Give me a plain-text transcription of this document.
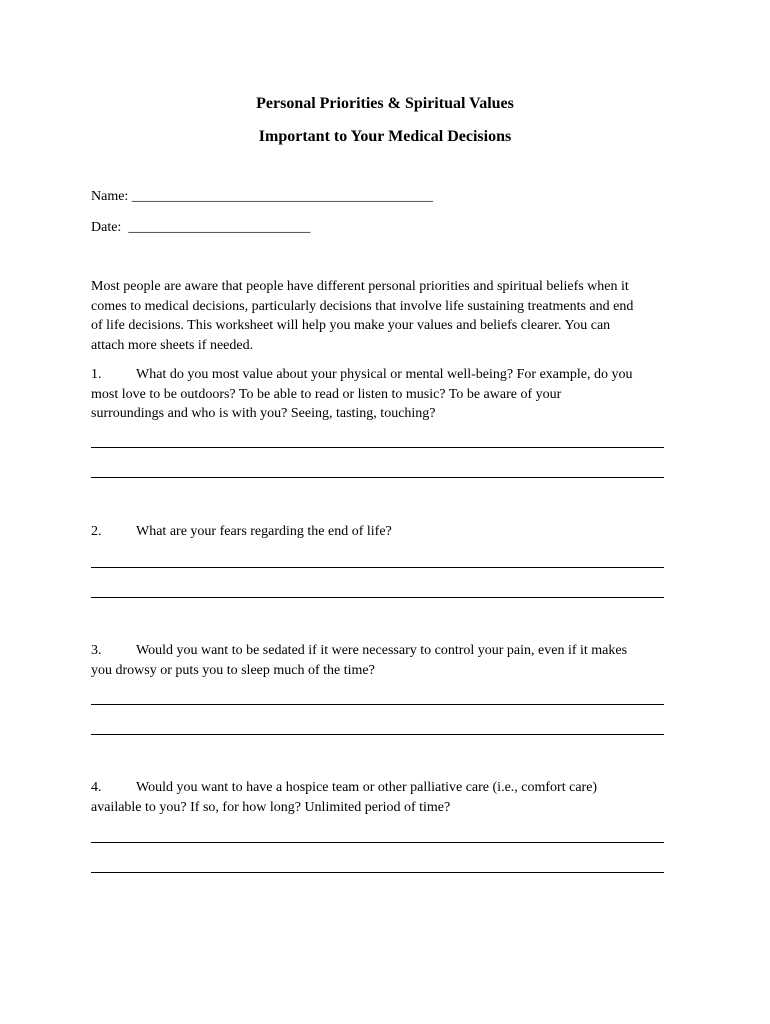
Personal Priorities & Spiritual Values
Important to Your Medical Decisions
Name: ___________________________________________
Date:  __________________________
Most people are aware that people have different personal priorities and spiritual beliefs when it
comes to medical decisions, particularly decisions that involve life sustaining treatments and end
of life decisions. This worksheet will help you make your values and beliefs clearer. You can
attach more sheets if needed.
1. What do you most value about your physical or mental well-being? For example, do you
most love to be outdoors? To be able to read or listen to music? To be aware of your
surroundings and who is with you? Seeing, tasting, touching?
2. What are your fears regarding the end of life?
3. Would you want to be sedated if it were necessary to control your pain, even if it makes
you drowsy or puts you to sleep much of the time?
4. Would you want to have a hospice team or other palliative care (i.e., comfort care)
available to you? If so, for how long? Unlimited period of time?
